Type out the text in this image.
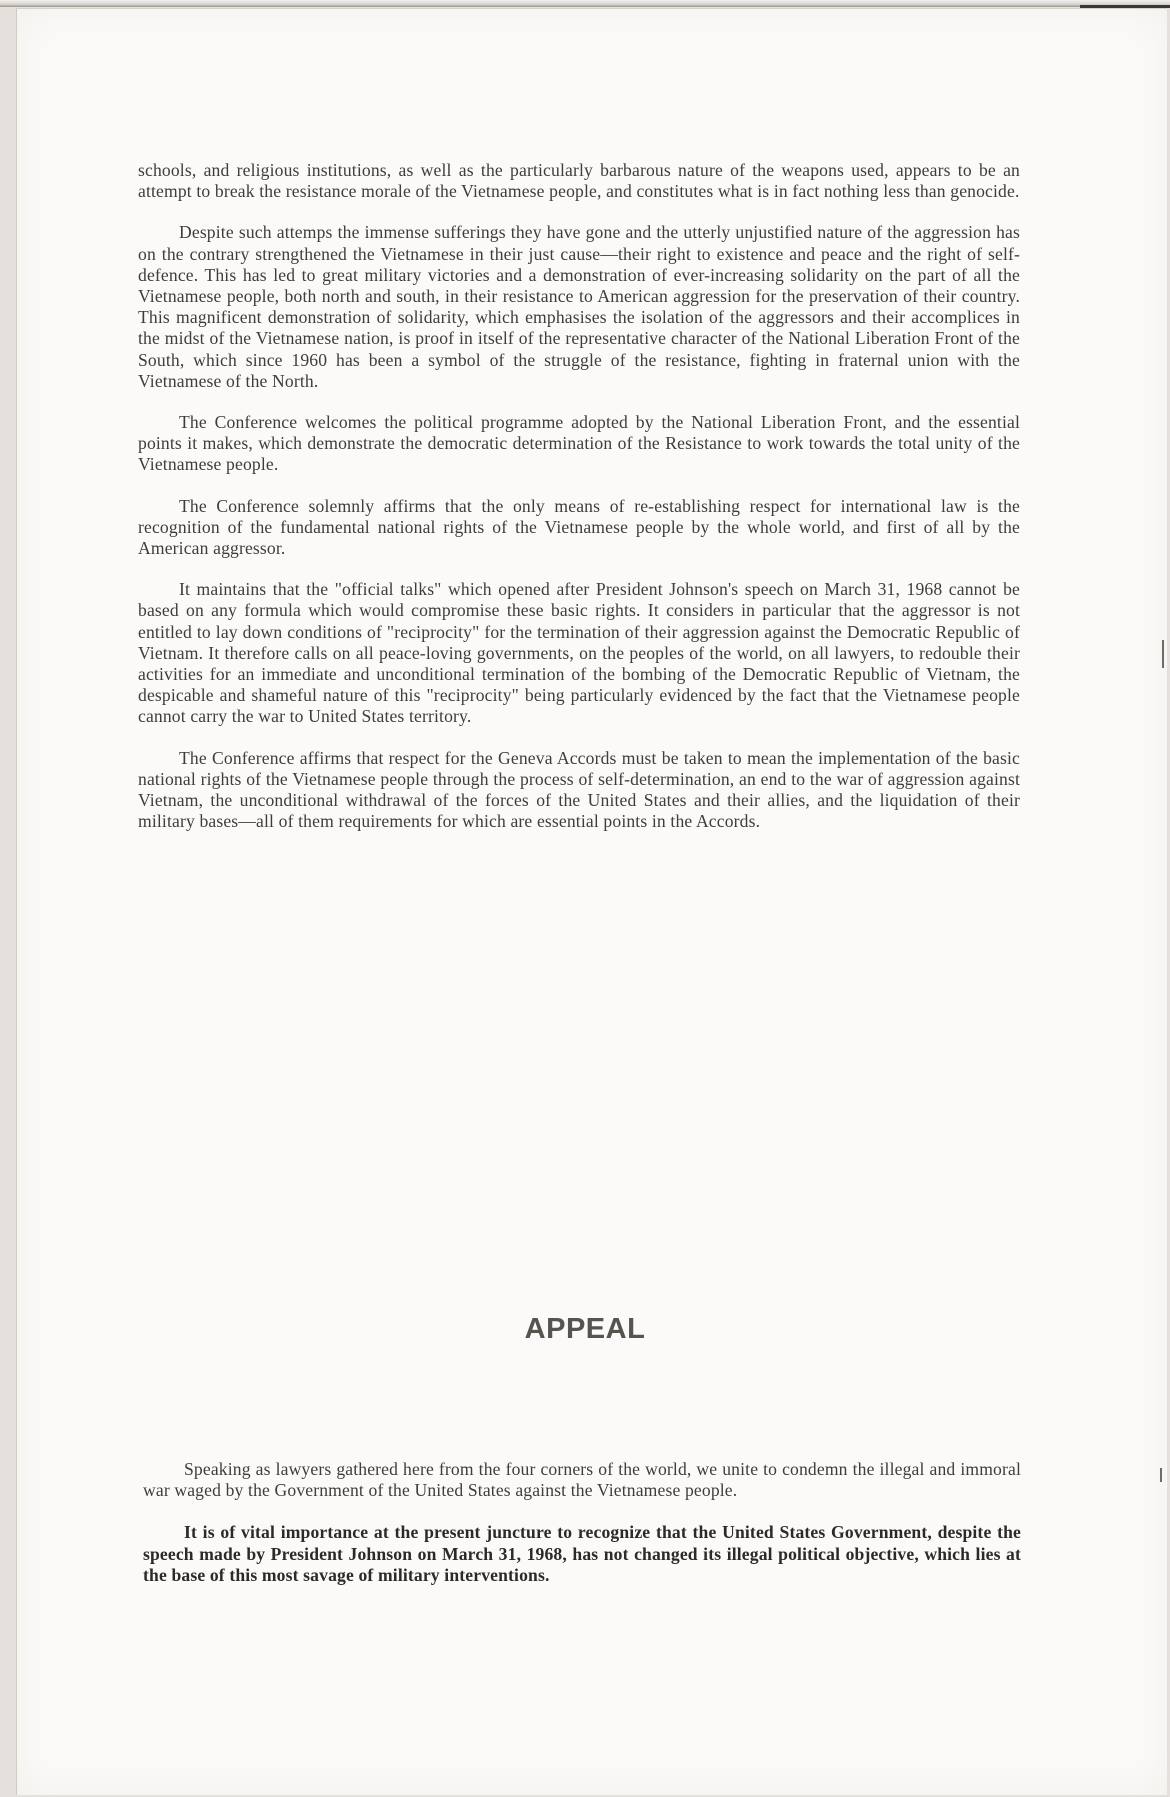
schools, and religious institutions, as well as the particularly barbarous nature of the weapons used, appears to be an attempt to break the resistance morale of the Vietnamese people, and constitutes what is in fact nothing less than genocide.

Despite such attemps the immense sufferings they have gone and the utterly unjustified nature of the aggression has on the contrary strengthened the Vietnamese in their just cause—their right to existence and peace and the right of self-defence. This has led to great military victories and a demonstration of ever-increasing solidarity on the part of all the Vietnamese people, both north and south, in their resistance to American aggression for the preservation of their country. This magnificent demonstration of solidarity, which emphasises the isolation of the aggressors and their accomplices in the midst of the Vietnamese nation, is proof in itself of the representative character of the National Liberation Front of the South, which since 1960 has been a symbol of the struggle of the resistance, fighting in fraternal union with the Vietnamese of the North.

The Conference welcomes the political programme adopted by the National Liberation Front, and the essential points it makes, which demonstrate the democratic determination of the Resistance to work towards the total unity of the Vietnamese people.

The Conference solemnly affirms that the only means of re-establishing respect for international law is the recognition of the fundamental national rights of the Vietnamese people by the whole world, and first of all by the American aggressor.

It maintains that the "official talks" which opened after President Johnson's speech on March 31, 1968 cannot be based on any formula which would compromise these basic rights. It considers in particular that the aggressor is not entitled to lay down conditions of "reciprocity" for the termination of their aggression against the Democratic Republic of Vietnam. It therefore calls on all peace-loving governments, on the peoples of the world, on all lawyers, to redouble their activities for an immediate and unconditional termination of the bombing of the Democratic Republic of Vietnam, the despicable and shameful nature of this "reciprocity" being particularly evidenced by the fact that the Vietnamese people cannot carry the war to United States territory.

The Conference affirms that respect for the Geneva Accords must be taken to mean the implementation of the basic national rights of the Vietnamese people through the process of self-determination, an end to the war of aggression against Vietnam, the unconditional withdrawal of the forces of the United States and their allies, and the liquidation of their military bases—all of them requirements for which are essential points in the Accords.

APPEAL

Speaking as lawyers gathered here from the four corners of the world, we unite to condemn the illegal and immoral war waged by the Government of the United States against the Vietnamese people.

It is of vital importance at the present juncture to recognize that the United States Government, despite the speech made by President Johnson on March 31, 1968, has not changed its illegal political objective, which lies at the base of this most savage of military interventions.
